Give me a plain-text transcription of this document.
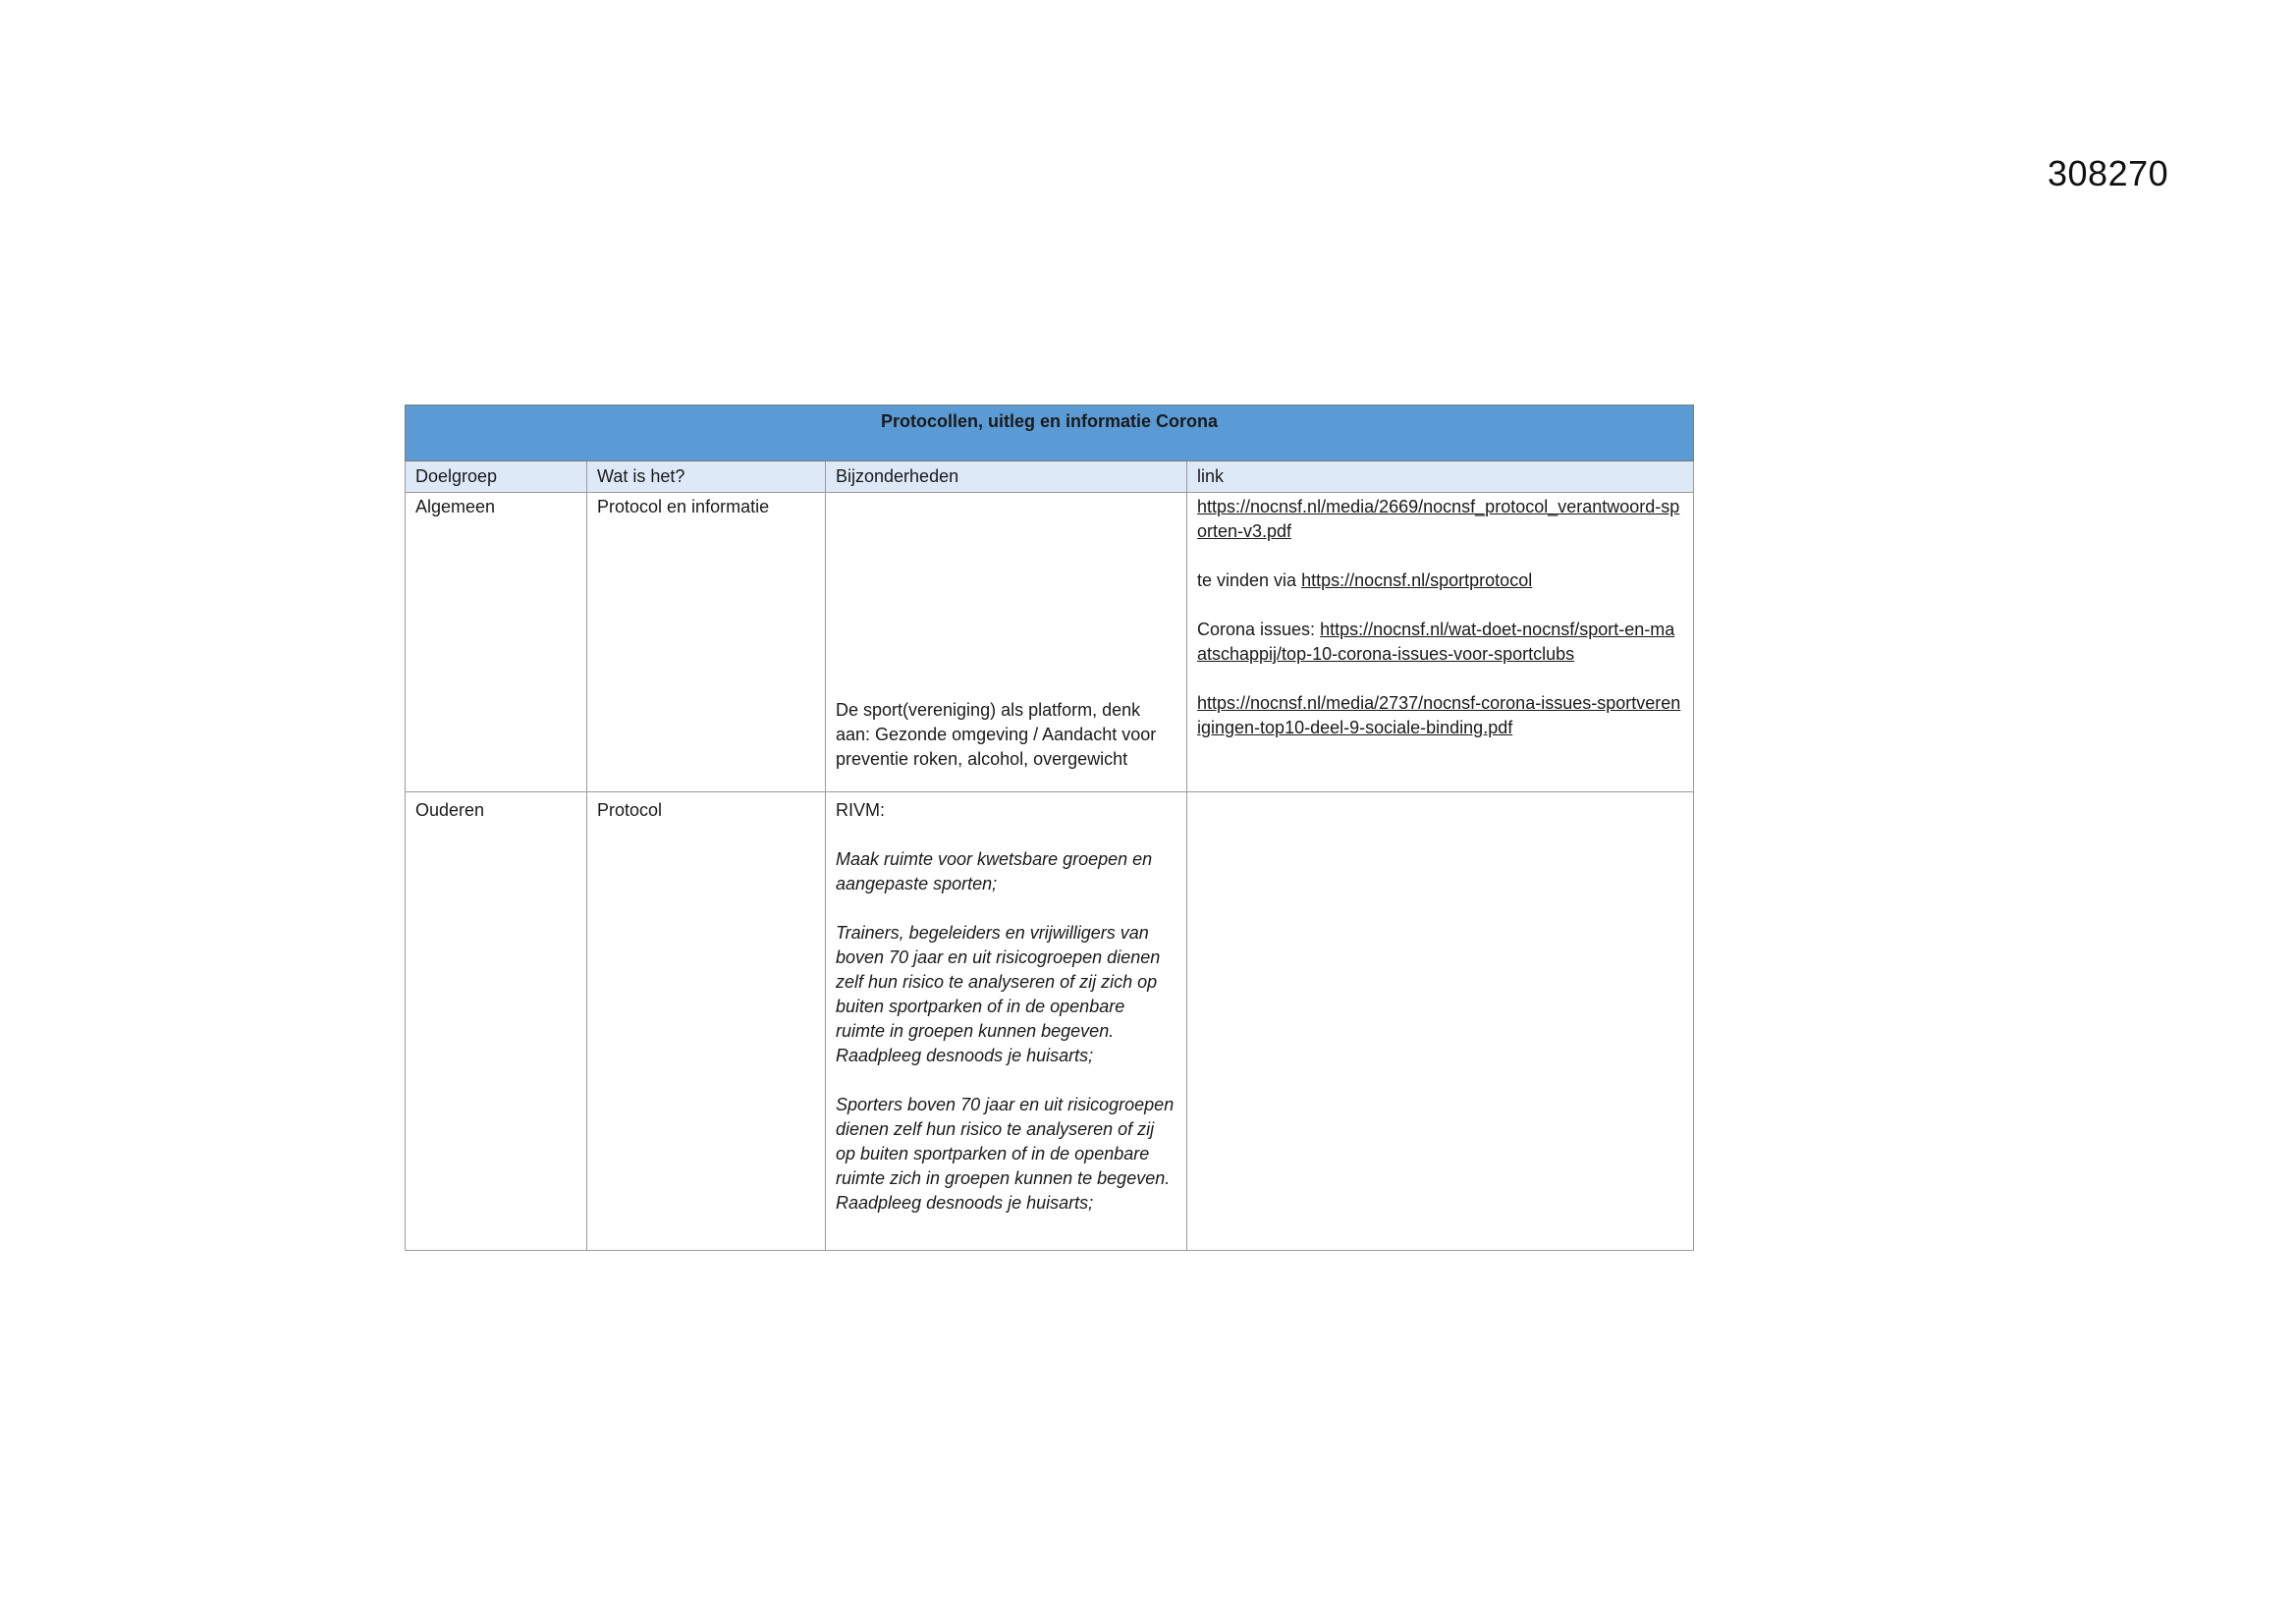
308270
Protocollen, uitleg en informatie Corona			
Doelgroep	Wat is het?	Bijzonderheden	link
Algemeen	Protocol en informatie	De sport(vereniging) als platform, denk aan: Gezonde omgeving / Aandacht voor preventie roken, alcohol, overgewicht	https://nocnsf.nl/media/2669/nocnsf_protocol_verantwoord-sporten-v3.pdf

te vinden via https://nocnsf.nl/sportprotocol

Corona issues: https://nocnsf.nl/wat-doet-nocnsf/sport-en-maatschappij/top-10-corona-issues-voor-sportclubs

https://nocnsf.nl/media/2737/nocnsf-corona-issues-sportverenigingen-top10-deel-9-sociale-binding.pdf

Ouderen	Protocol	RIVM:

Maak ruimte voor kwetsbare groepen en aangepaste sporten;

Trainers, begeleiders en vrijwilligers van boven 70 jaar en uit risicogroepen dienen zelf hun risico te analyseren of zij zich op buiten sportparken of in de openbare ruimte in groepen kunnen begeven. Raadpleeg desnoods je huisarts;

Sporters boven 70 jaar en uit risicogroepen dienen zelf hun risico te analyseren of zij op buiten sportparken of in de openbare ruimte zich in groepen kunnen te begeven. Raadpleeg desnoods je huisarts;	
